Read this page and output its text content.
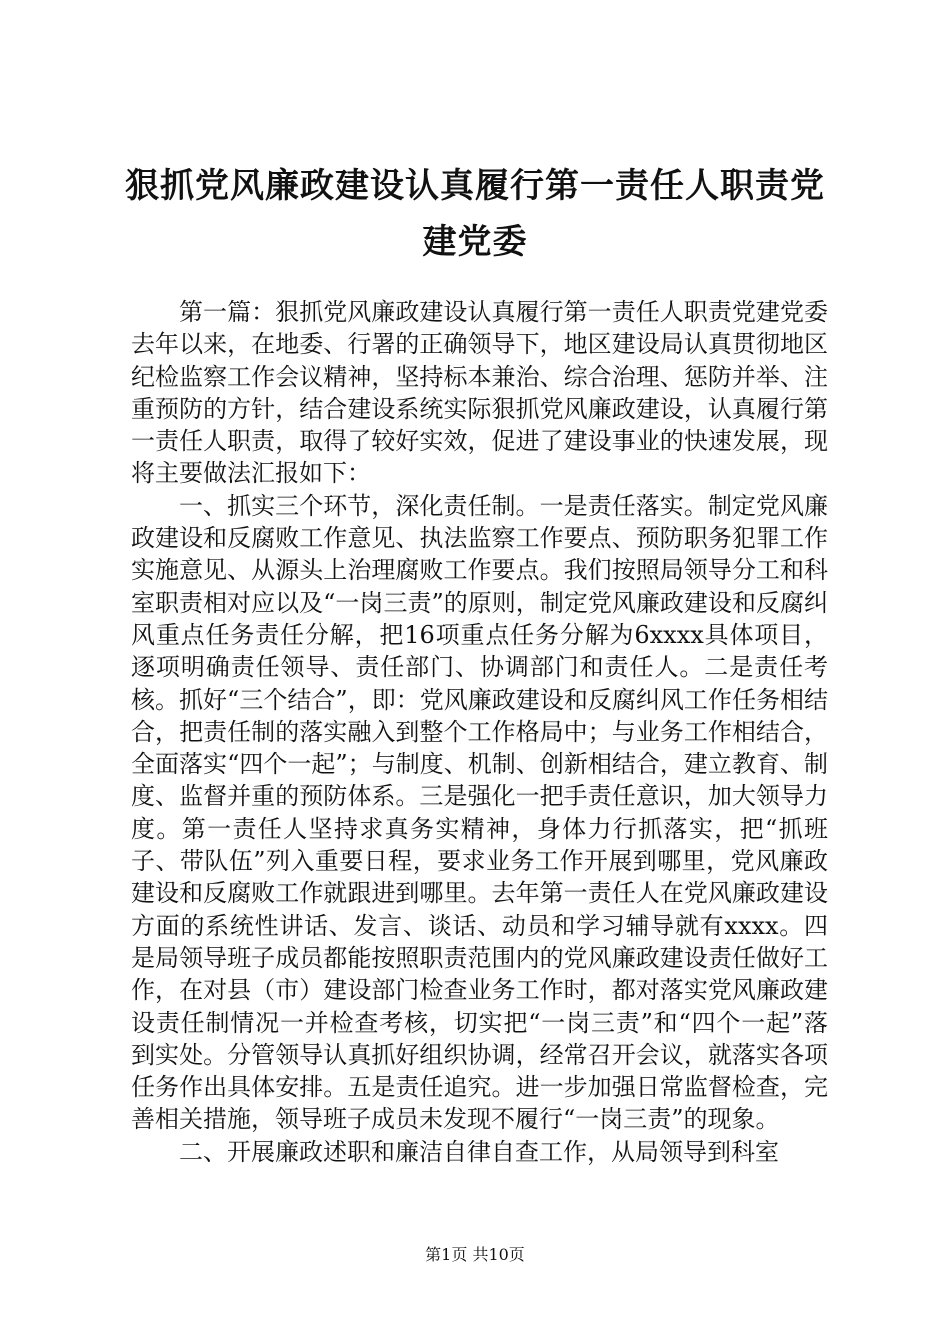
狠抓党风廉政建设认真履行第一责任人职责党建党委

第一篇：狠抓党风廉政建设认真履行第一责任人职责党建党委去年以来，在地委、行署的正确领导下，地区建设局认真贯彻地区纪检监察工作会议精神，坚持标本兼治、综合治理、惩防并举、注重预防的方针，结合建设系统实际狠抓党风廉政建设，认真履行第一责任人职责，取得了较好实效，促进了建设事业的快速发展，现将主要做法汇报如下：

一、抓实三个环节，深化责任制。一是责任落实。制定党风廉政建设和反腐败工作意见、执法监察工作要点、预防职务犯罪工作实施意见、从源头上治理腐败工作要点。我们按照局领导分工和科室职责相对应以及“一岗三责”的原则，制定党风廉政建设和反腐纠风重点任务责任分解，把16项重点任务分解为6xxxx具体项目，逐项明确责任领导、责任部门、协调部门和责任人。二是责任考核。抓好“三个结合”，即：党风廉政建设和反腐纠风工作任务相结合，把责任制的落实融入到整个工作格局中；与业务工作相结合，全面落实“四个一起”；与制度、机制、创新相结合，建立教育、制度、监督并重的预防体系。三是强化一把手责任意识，加大领导力度。第一责任人坚持求真务实精神，身体力行抓落实，把“抓班子、带队伍”列入重要日程，要求业务工作开展到哪里，党风廉政建设和反腐败工作就跟进到哪里。去年第一责任人在党风廉政建设方面的系统性讲话、发言、谈话、动员和学习辅导就有xxxx。四是局领导班子成员都能按照职责范围内的党风廉政建设责任做好工作，在对县（市）建设部门检查业务工作时，都对落实党风廉政建设责任制情况一并检查考核，切实把“一岗三责”和“四个一起”落到实处。分管领导认真抓好组织协调，经常召开会议，就落实各项任务作出具体安排。五是责任追究。进一步加强日常监督检查，完善相关措施，领导班子成员未发现不履行“一岗三责”的现象。

二、开展廉政述职和廉洁自律自查工作，从局领导到科室

第1页 共10页
